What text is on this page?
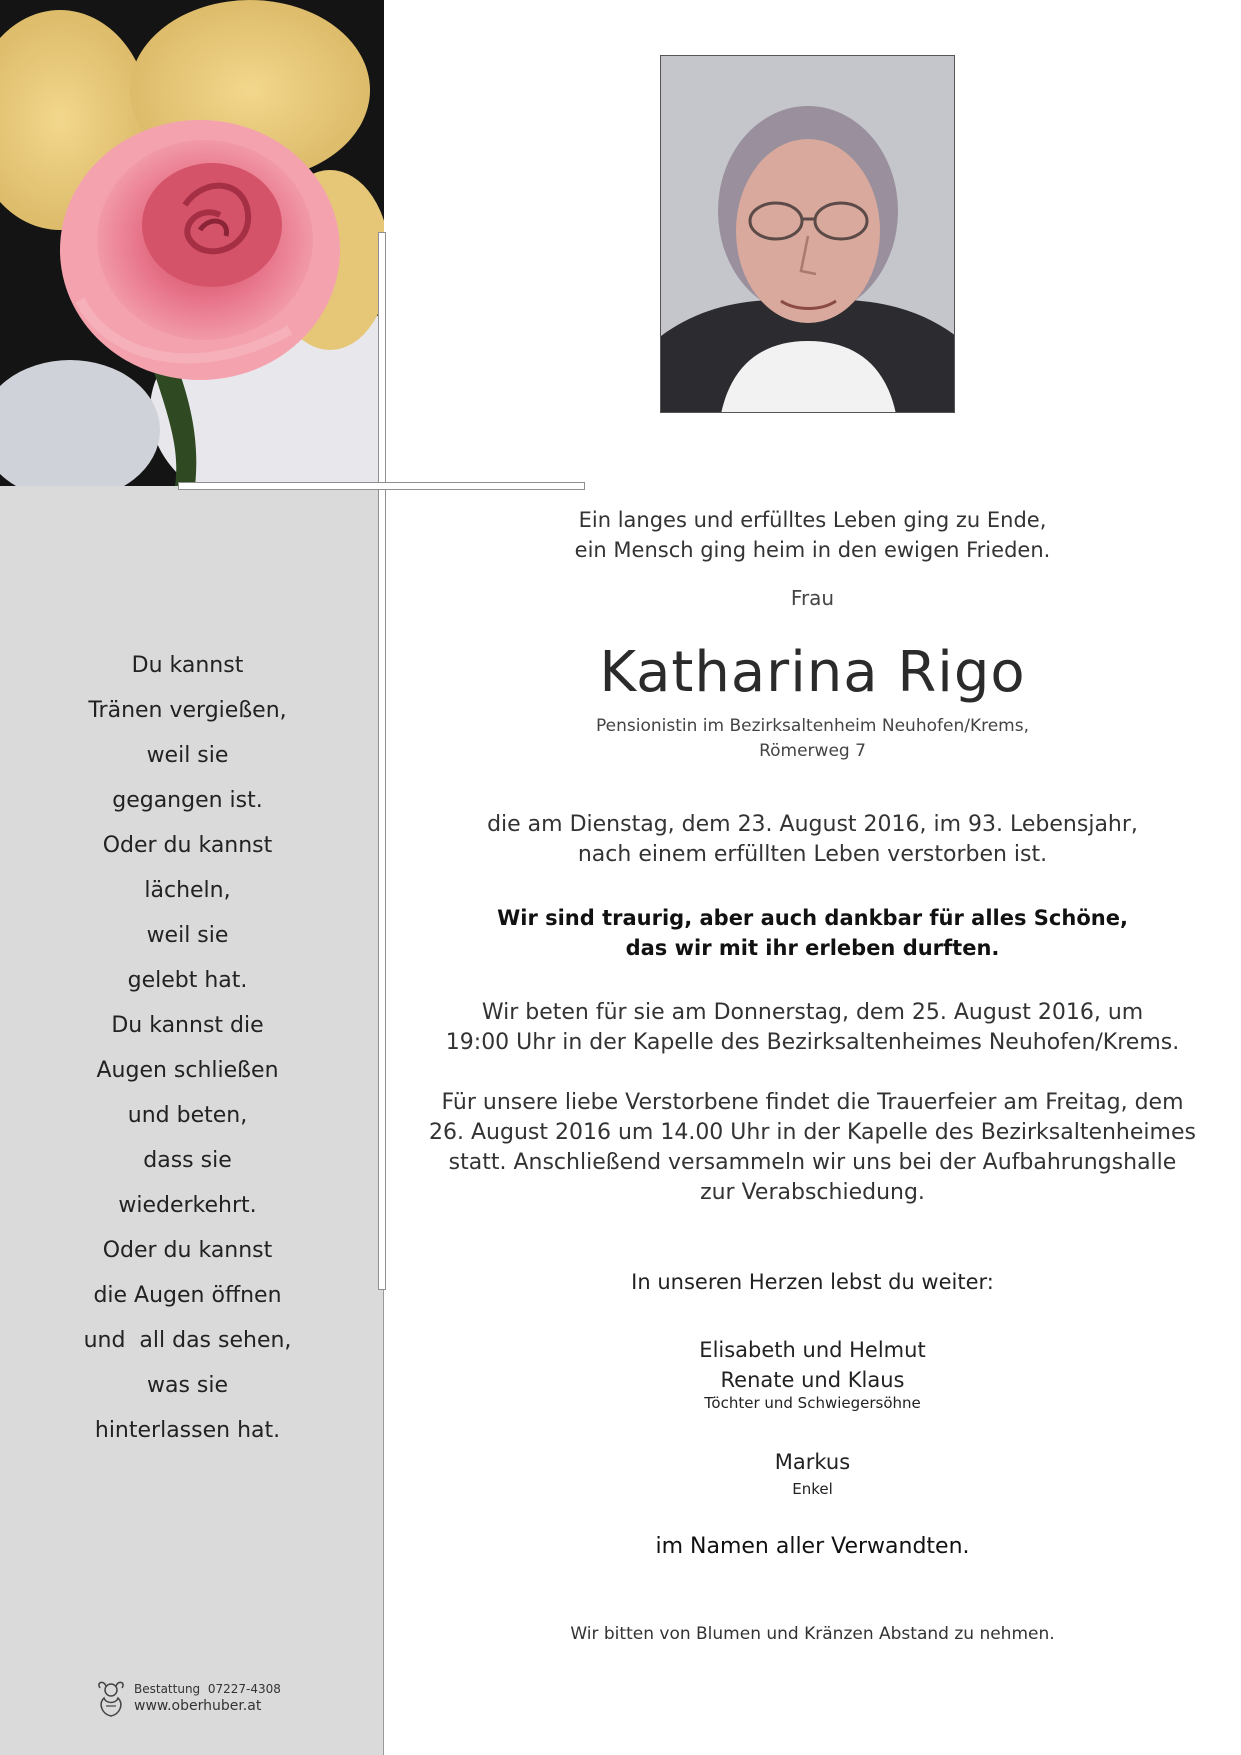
Du kannst
Tränen vergießen,
weil sie
gegangen ist.
Oder du kannst
lächeln,
weil sie
gelebt hat.
Du kannst die
Augen schließen
und beten,
dass sie
wiederkehrt.
Oder du kannst
die Augen öffnen
und  all das sehen,
was sie
hinterlassen hat.
Bestattung 07227-4308
www.oberhuber.at
Ein langes und erfülltes Leben ging zu Ende,
ein Mensch ging heim in den ewigen Frieden.
Frau
Katharina Rigo
Pensionistin im Bezirksaltenheim Neuhofen/Krems,
Römerweg 7
die am Dienstag, dem 23. August 2016, im 93. Lebensjahr,
nach einem erfüllten Leben verstorben ist.
Wir sind traurig, aber auch dankbar für alles Schöne,
das wir mit ihr erleben durften.
Wir beten für sie am Donnerstag, dem 25. August 2016, um
19:00 Uhr in der Kapelle des Bezirksaltenheimes Neuhofen/Krems.
Für unsere liebe Verstorbene findet die Trauerfeier am Freitag, dem
26. August 2016 um 14.00 Uhr in der Kapelle des Bezirksaltenheimes
statt. Anschließend versammeln wir uns bei der Aufbahrungshalle
zur Verabschiedung.
In unseren Herzen lebst du weiter:
Elisabeth und Helmut
Renate und Klaus
Töchter und Schwiegersöhne
Markus
Enkel
im Namen aller Verwandten.
Wir bitten von Blumen und Kränzen Abstand zu nehmen.
